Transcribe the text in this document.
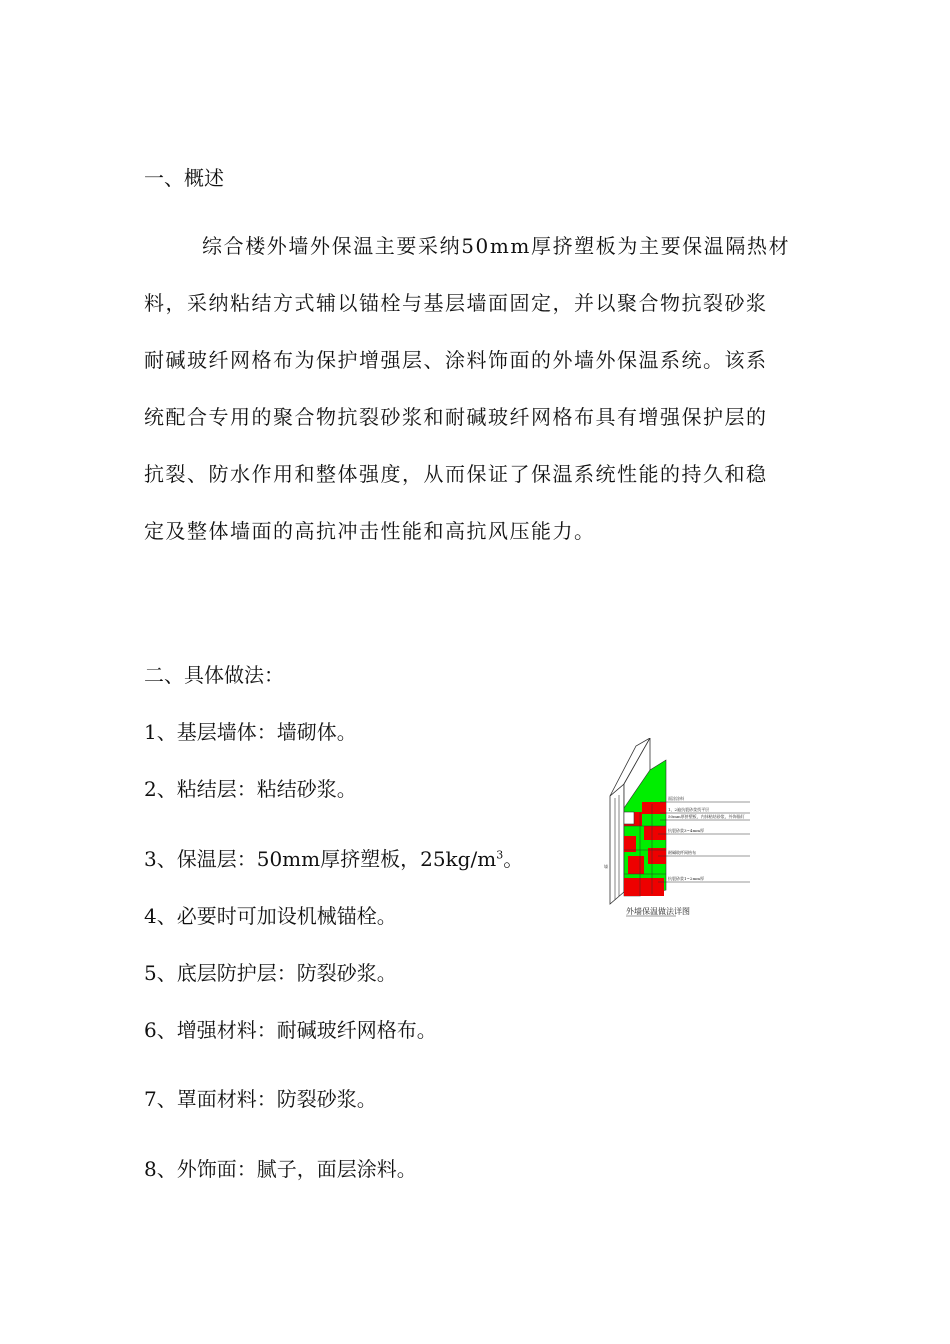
一、概述
综合楼外墙外保温主要采纳50mm厚挤塑板为主要保温隔热材
料，采纳粘结方式辅以锚栓与基层墙面固定，并以聚合物抗裂砂浆
耐碱玻纤网格布为保护增强层、涂料饰面的外墙外保温系统。该系
统配合专用的聚合物抗裂砂浆和耐碱玻纤网格布具有增强保护层的
抗裂、防水作用和整体强度，从而保证了保温系统性能的持久和稳
定及整体墙面的高抗冲击性能和高抗风压能力。
二、具体做法：
1、基层墙体：墙砌体。
2、粘结层：粘结砂浆。
3、保温层：50mm厚挤塑板，$25kg/m^3$。
4、必要时可加设机械锚栓。
5、底层防护层：防裂砂浆。
6、增强材料：耐碱玻纤网格布。
7、罩面材料：防裂砂浆。
8、外饰面：腻子，面层涂料。
面涂涂料
1、2遍抗裂砂浆找平层
50mm厚挤塑板，内抹粘结砂浆，外饰锚钉
抗裂砂浆3~4mm厚
耐碱玻纤网格布
抗裂砂浆1~2mm厚
墙
外墙保温做法详图
